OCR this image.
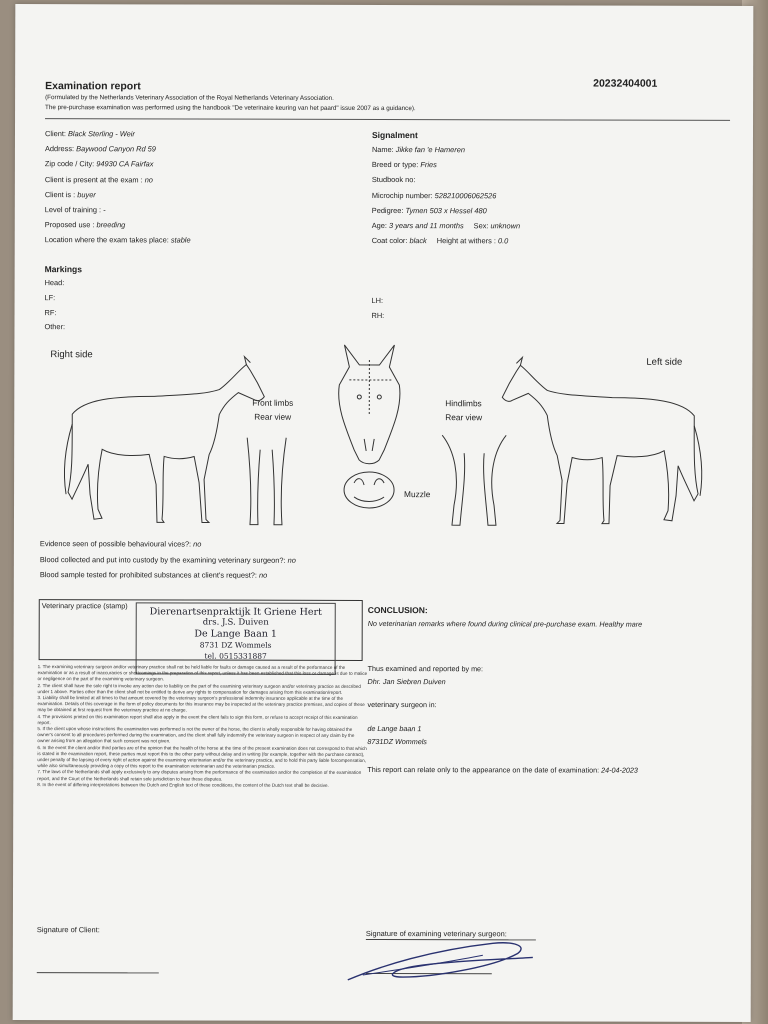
Examination report	20232404001
(Formulated by the Netherlands Veterinary Association of the Royal Netherlands Veterinary Association.
The pre-purchase examination was performed using the handbook "De veterinaire keuring van het paard" issue 2007 as a guidance).
Client: Black Sterling - Weir
Address: Baywood Canyon Rd 59
Zip code / City: 94930 CA Fairfax
Client is present at the exam : no
Client is : buyer
Level of training : -
Proposed use : breeding
Location where the exam takes place: stable
Signalment
Name: Jikke fan 'e Hameren
Breed or type: Fries
Studbook no:
Microchip number: 528210006062526
Pedigree: Tymen 503 x Hessel 480
Age: 3 years and 11 months Sex: unknown
Coat color: black Height at withers : 0.0
Markings
Head:
LF:
RF:
Other:
LH:
RH:
Right side
Left side
Front limbs
Rear view
Hindlimbs
Rear view
Muzzle
Evidence seen of possible behavioural vices?: no
Blood collected and put into custody by the examining veterinary surgeon?: no
Blood sample tested for prohibited substances at client's request?: no
Veterinary practice (stamp)
Dierenartsenpraktijk It Griene Hert
drs. J.S. Duiven
De Lange Baan 1
8731 DZ Wommels
tel. 0515331887

1. The examining veterinary surgeon and/or veterinary practice shall not be held liable for faults or damage caused as a result of the performance of the examination or as a result of inaccuracies or shortcomings in the preparation of this report, unless it has been established that this loss or damage is due to malice or negligence on the part of the examining veterinary surgeon.

2. The client shall have the sole right to invoke any action due to liability on the part of the examining veterinary surgeon and/or veterinary practice as described under 1 above. Parties other than the client shall not be entitled to derive any rights to compensation for damages arising from this examination/report.

3. Liability shall be limited at all times to that amount covered by the veterinary surgeon's professional indemnity insurance applicable at the time of the examination. Details of this coverage in the form of policy documents for this insurance may be inspected at the veterinary practice premises, and copies of these may be obtained at first request from the veterinary practice at no charge.

4. The provisions printed on this examination report shall also apply in the event the client fails to sign this form, or refuse to accept receipt of this examination report.

5. If the client upon whose instructions the examination was performed is not the owner of the horse, the client is wholly responsible for having obtained the owner's consent to all procedures performed during the examination, and the client shall fully indemnify the veterinary surgeon in respect of any claim by the owner arising from an allegation that such consent was not given.

6. In the event the client and/or third parties are of the opinion that the health of the horse at the time of the present examination does not correspond to that which is stated in the examination report, these parties must report this to the other party without delay and in writing (for example, together with the purchase contract), under penalty of the lapsing of every right of action against the examining veterinarian and/or the veterinary practice, and to hold this party liable forcompensation, while also simultaneously providing a copy of this report to the examination veterinarian and the veterinarian practice.

7. The laws of the Netherlands shall apply exclusively to any disputes arising from the performance of the examination and/or the completion of the examination report, and the Court of the Netherlands shall retain sole jurisdiction to hear these disputes.

8. In the event of differing interpretations between the Dutch and English text of these conditions, the content of the Dutch text shall be decisive.

CONCLUSION:
No veterinarian remarks where found during clinical pre-purchase exam. Healthy mare
Thus examined and reported by me:
Dhr. Jan Siebren Duiven
veterinary surgeon in:
de Lange baan 1
8731DZ Wommels
This report can relate only to the appearance on the date of examination: 24-04-2023
Signature of Client:	Signature of examining veterinary surgeon:
